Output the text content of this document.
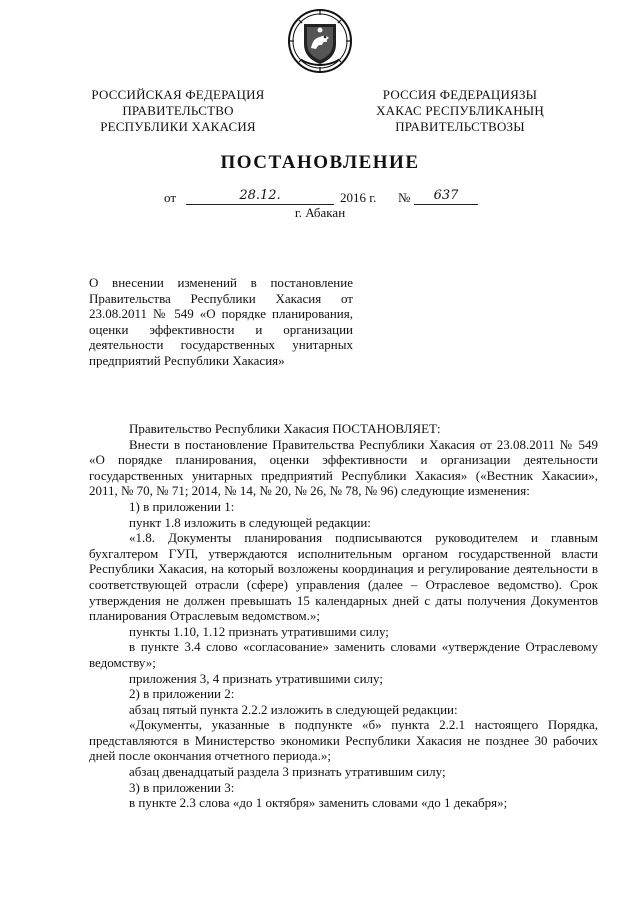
РОССИЙСКАЯ ФЕДЕРАЦИЯ
ПРАВИТЕЛЬСТВО
РЕСПУБЛИКИ ХАКАСИЯ
РОССИЯ ФЕДЕРАЦИЯЗЫ
ХАКАС РЕСПУБЛИКАНЫҢ
ПРАВИТЕЛЬСТВОЗЫ
ПОСТАНОВЛЕНИЕ
от	28.12.	2016 г. №	637
г. Абакан
О внесении изменений в постановление Правительства Республики Хакасия от 23.08.2011 № 549 «О порядке планирования, оценки эффективности и организации деятельности государственных унитарных предприятий Республики Хакасия»

Правительство Республики Хакасия ПОСТАНОВЛЯЕТ:

Внести в постановление Правительства Республики Хакасия от 23.08.2011 № 549 «О порядке планирования, оценки эффективности и организации деятельности государственных унитарных предприятий Республики Хакасия» («Вестник Хакасии», 2011, № 70, № 71; 2014, № 14, № 20, № 26, № 78, № 96) следующие изменения:

1) в приложении 1:

пункт 1.8 изложить в следующей редакции:

«1.8. Документы планирования подписываются руководителем и главным бухгалтером ГУП, утверждаются исполнительным органом государственной власти Республики Хакасия, на который возложены координация и регулирование деятельности в соответствующей отрасли (сфере) управления (далее – Отраслевое ведомство). Срок утверждения не должен превышать 15 календарных дней с даты получения Документов планирования Отраслевым ведомством.»;

пункты 1.10, 1.12 признать утратившими силу;

в пункте 3.4 слово «согласование» заменить словами «утверждение Отраслевому ведомству»;

приложения 3, 4 признать утратившими силу;

2) в приложении 2:

абзац пятый пункта 2.2.2 изложить в следующей редакции:

«Документы, указанные в подпункте «б» пункта 2.2.1 настоящего Порядка, представляются в Министерство экономики Республики Хакасия не позднее 30 рабочих дней после окончания отчетного периода.»;

абзац двенадцатый раздела 3 признать утратившим силу;

3) в приложении 3:

в пункте 2.3 слова «до 1 октября» заменить словами «до 1 декабря»;
